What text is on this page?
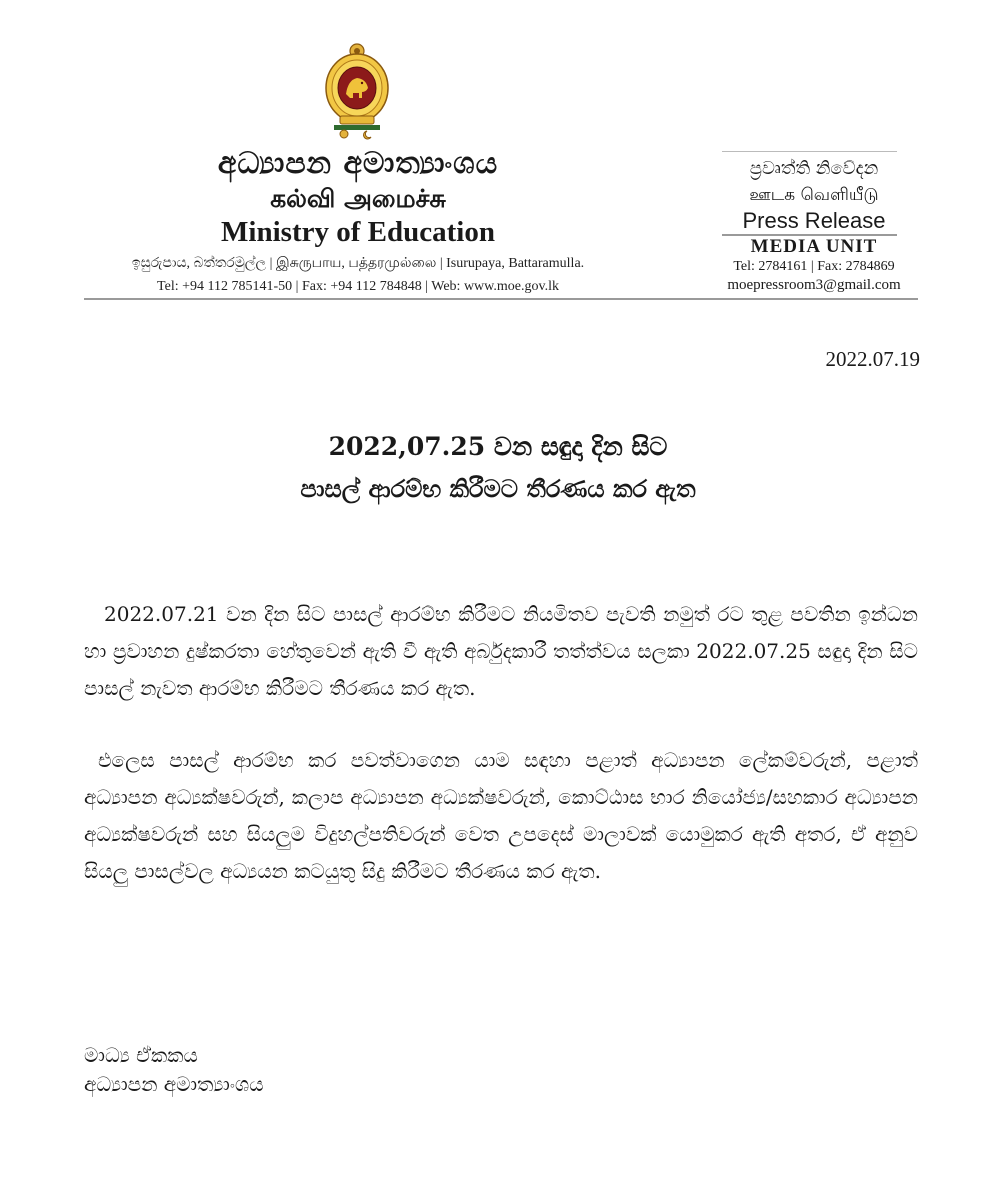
අධ්‍යාපන අමාත්‍යාංශය
கல்வி அமைச்சு
Ministry of Education
ඉසුරුපාය, බත්තරමුල්ල | இசுருபாய, பத்தரமுல்லை | Isurupaya, Battaramulla.
Tel: +94 112 785141-50 | Fax: +94 112 784848 | Web: www.moe.gov.lk
ප්‍රවෘත්ති නිවේදන
ஊடக வெளியீடு
Press Release
MEDIA UNIT
Tel: 2784161 | Fax: 2784869
moepressroom3@gmail.com
2022.07.19
2022,07.25 වන සඳුදා දින සිට
පාසල් ආරම්භ කිරීමට තීරණය කර ඇත
2022.07.21 වන දින සිට පාසල් ආරම්භ කිරීමට නියමිතව පැවති නමුත් රට තුළ පවතින ඉන්ධන හා ප්‍රවාහන දුෂ්කරතා හේතුවෙන් ඇති වී ඇති අර්බුදකාරී තත්ත්වය සලකා 2022.07.25 සඳුදා දින සිට පාසල් නැවත ආරම්භ කිරීමට තීරණය කර ඇත.
එලෙස පාසල් ආරම්භ කර පවත්වාගෙන යාම සඳහා පළාත් අධ්‍යාපන ලේකම්වරුන්, පළාත් අධ්‍යාපන අධ්‍යක්ෂවරුන්, කලාප අධ්‍යාපන අධ්‍යක්ෂවරුන්, කොට්ඨාස භාර නියෝජ්‍ය/සහකාර අධ්‍යාපන අධ්‍යක්ෂවරුන් සහ සියලුම විදුහල්පතිවරුන් වෙත උපදෙස් මාලාවක් යොමුකර ඇති අතර, ඒ අනුව සියලු පාසල්වල අධ්‍යයන කටයුතු සිදු කිරීමට තීරණය කර ඇත.
මාධ්‍ය ඒකකය
අධ්‍යාපන අමාත්‍යාංශය
